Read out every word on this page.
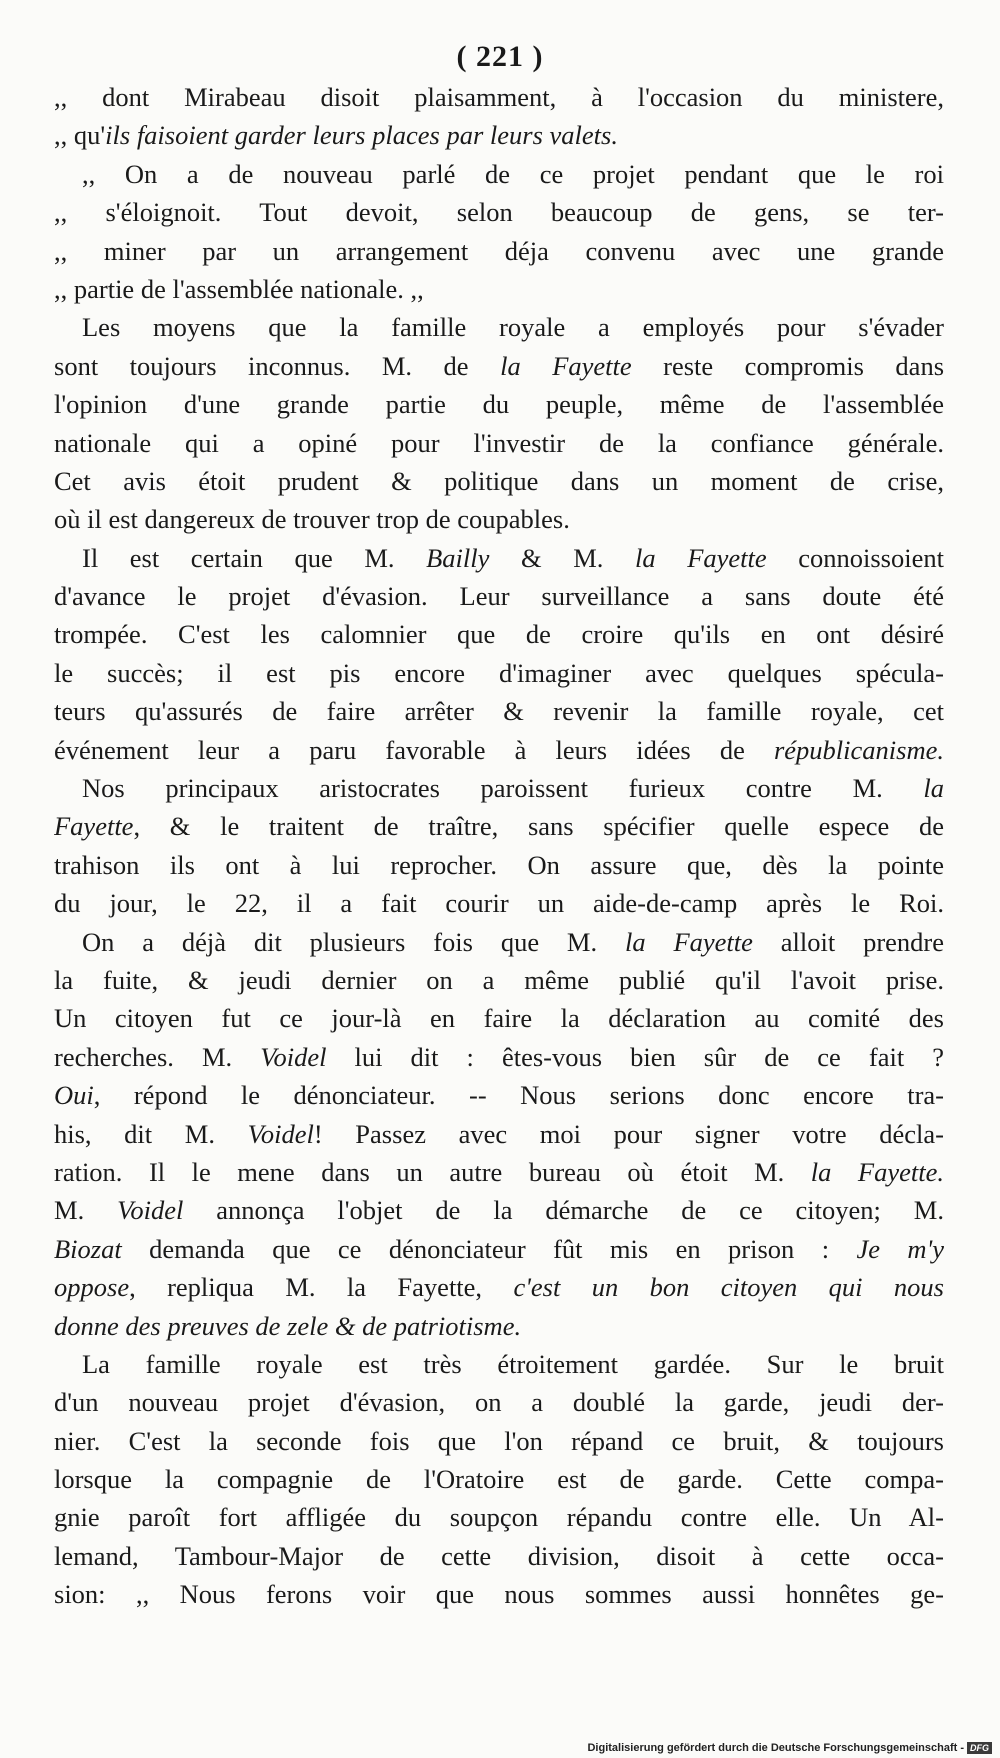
( 221 )
,, dont Mirabeau disoit plaisamment, à l'occasion du ministere,
,, qu'ils faisoient garder leurs places par leurs valets.
,, On a de nouveau parlé de ce projet pendant que le roi
,, s'éloignoit. Tout devoit, selon beaucoup de gens, se ter-
,, miner par un arrangement déja convenu avec une grande
,, partie de l'assemblée nationale. ,,
Les moyens que la famille royale a employés pour s'évader
sont toujours inconnus. M. de la Fayette reste compromis dans
l'opinion d'une grande partie du peuple, même de l'assemblée
nationale qui a opiné pour l'investir de la confiance générale.
Cet avis étoit prudent & politique dans un moment de crise,
où il est dangereux de trouver trop de coupables.
Il est certain que M. Bailly & M. la Fayette connoissoient
d'avance le projet d'évasion. Leur surveillance a sans doute été
trompée. C'est les calomnier que de croire qu'ils en ont désiré
le succès; il est pis encore d'imaginer avec quelques spécula-
teurs qu'assurés de faire arrêter & revenir la famille royale, cet
événement leur a paru favorable à leurs idées de républicanisme.
Nos principaux aristocrates paroissent furieux contre M. la
Fayette, & le traitent de traître, sans spécifier quelle espece de
trahison ils ont à lui reprocher. On assure que, dès la pointe
du jour, le 22, il a fait courir un aide-de-camp après le Roi.
On a déjà dit plusieurs fois que M. la Fayette alloit prendre
la fuite, & jeudi dernier on a même publié qu'il l'avoit prise.
Un citoyen fut ce jour-là en faire la déclaration au comité des
recherches. M. Voidel lui dit : êtes-vous bien sûr de ce fait ?
Oui, répond le dénonciateur. -- Nous serions donc encore tra-
his, dit M. Voidel! Passez avec moi pour signer votre décla-
ration. Il le mene dans un autre bureau où étoit M. la Fayette.
M. Voidel annonça l'objet de la démarche de ce citoyen; M.
Biozat demanda que ce dénonciateur fût mis en prison : Je m'y
oppose, repliqua M. la Fayette, c'est un bon citoyen qui nous
donne des preuves de zele & de patriotisme.
La famille royale est très étroitement gardée. Sur le bruit
d'un nouveau projet d'évasion, on a doublé la garde, jeudi der-
nier. C'est la seconde fois que l'on répand ce bruit, & toujours
lorsque la compagnie de l'Oratoire est de garde. Cette compa-
gnie paroît fort affligée du soupçon répandu contre elle. Un Al-
lemand, Tambour-Major de cette division, disoit à cette occa-
sion: ,, Nous ferons voir que nous sommes aussi honnêtes ge-
Digitalisierung gefördert durch die Deutsche Forschungsgemeinschaft - DFG
